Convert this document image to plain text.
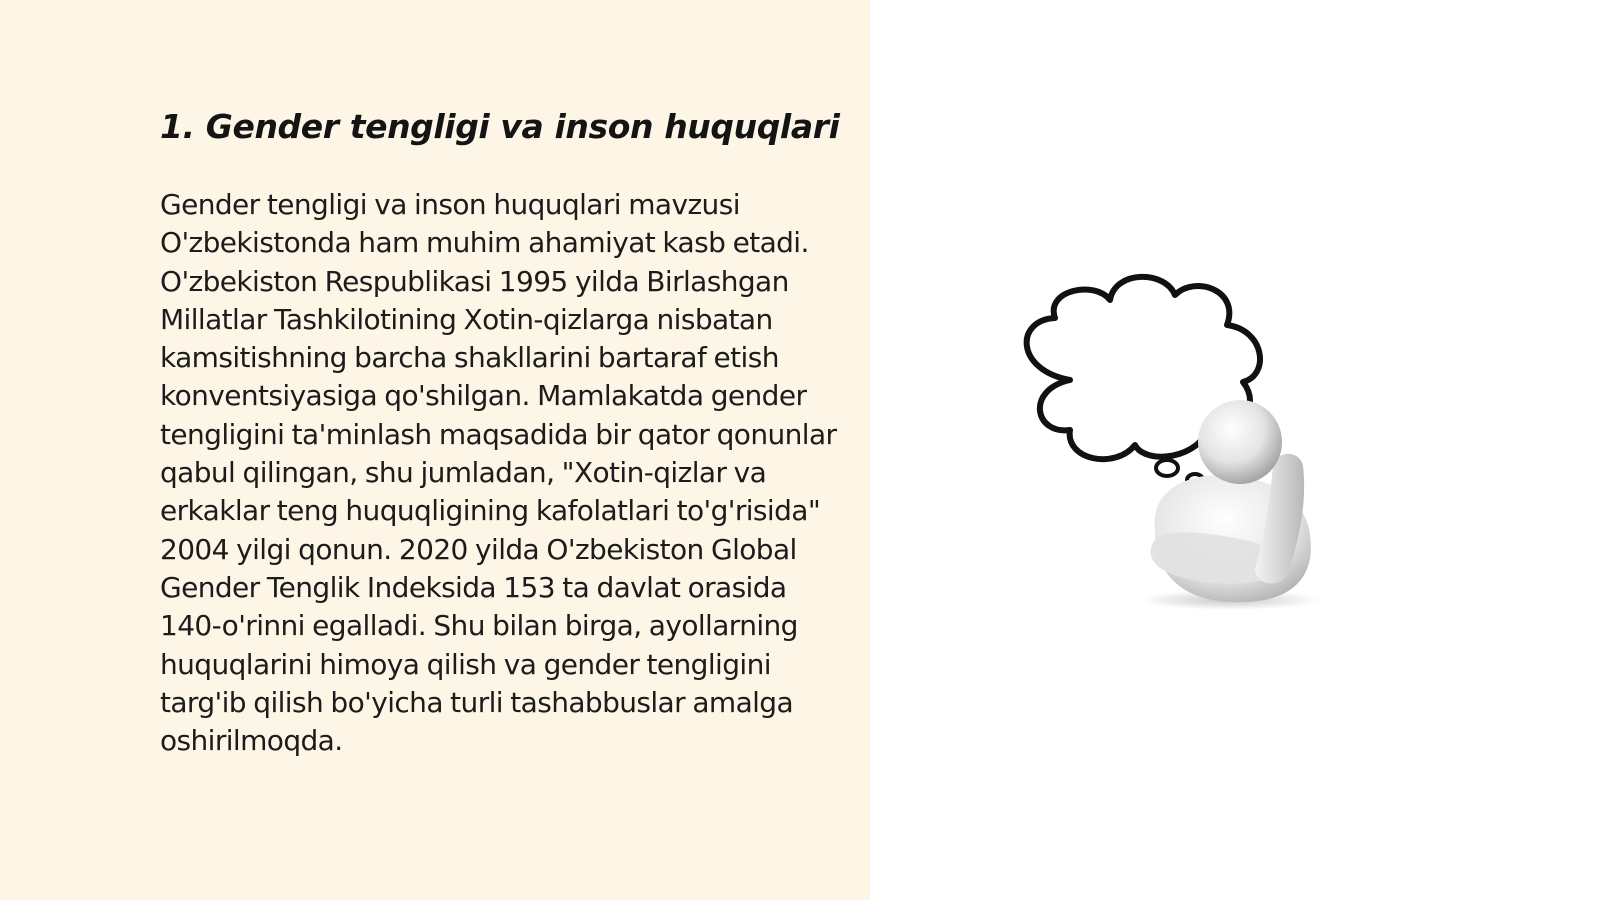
1. Gender tengligi va inson huquqlari

Gender tengligi va inson huquqlari mavzusi O'zbekistonda ham muhim ahamiyat kasb etadi. O'zbekiston Respublikasi 1995 yilda Birlashgan Millatlar Tashkilotining Xotin-qizlarga nisbatan kamsitishning barcha shakllarini bartaraf etish konventsiyasiga qo'shilgan. Mamlakatda gender tengligini ta'minlash maqsadida bir qator qonunlar qabul qilingan, shu jumladan, "Xotin-qizlar va erkaklar teng huquqligining kafolatlari to'g'risida" 2004 yilgi qonun. 2020 yilda O'zbekiston Global Gender Tenglik Indeksida 153 ta davlat orasida 140-o'rinni egalladi. Shu bilan birga, ayollarning huquqlarini himoya qilish va gender tengligini targ'ib qilish bo'yicha turli tashabbuslar amalga oshirilmoqda.
